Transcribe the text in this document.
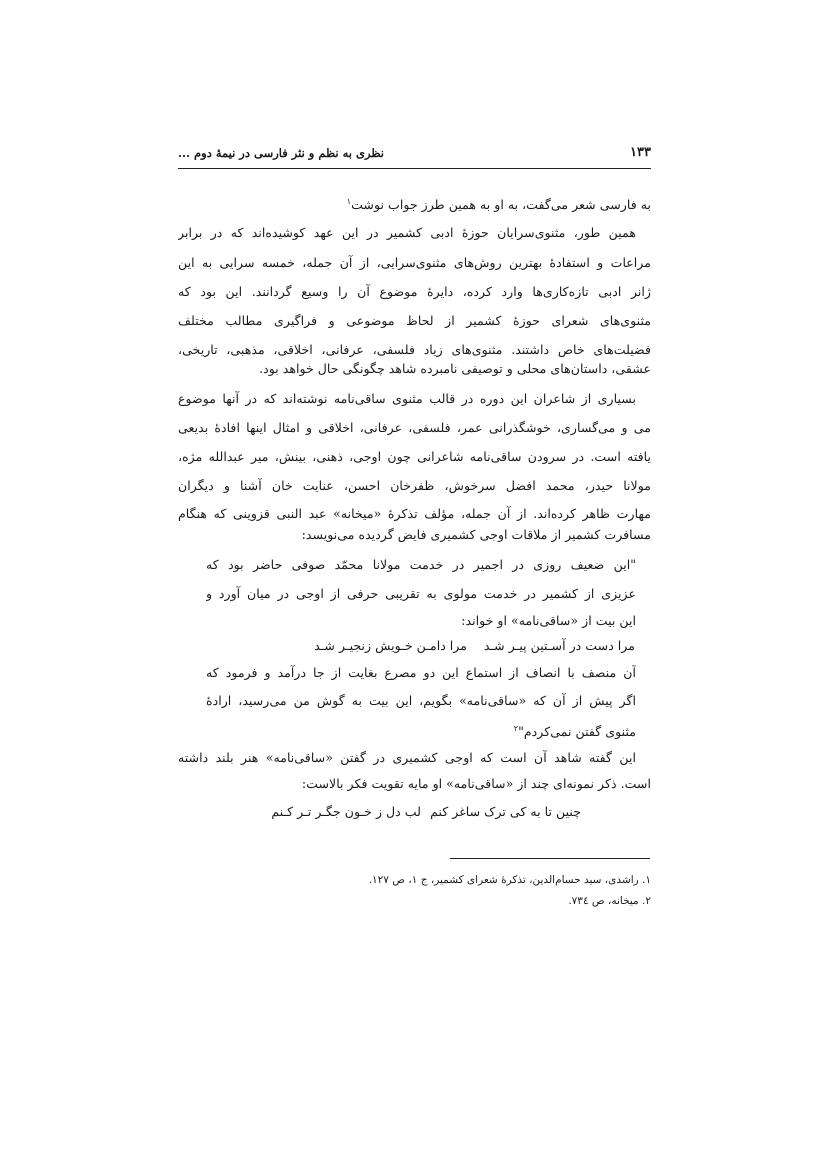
۱۳۳
نظری به نظم و نثر فارسی در نیمهٔ دوم ...
به فارسی شعر می‌گفت، به او به همین طرز جواب نوشت$^۱$
همین طور، مثنوی‌سرایان حوزهٔ ادبی کشمیر در این عهد کوشیده‌اند که در برابر
مراعات و استفادهٔ بهترین روش‌های مثنوی‌سرایی، از آن جمله، خمسه سرایی به این
ژانر ادبی تازه‌کاری‌ها وارد کرده، دایرهٔ موضوع آن را وسیع گردانند. این بود که
مثنوی‌های شعرای حوزهٔ کشمیر از لحاظ موضوعی و فراگیری مطالب مختلف
فضیلت‌های خاص داشتند. مثنوی‌های زیاد فلسفی، عرفانی، اخلاقی، مذهبی، تاریخی،
عشقی، داستان‌های محلی و توصیفی نامبرده شاهد چگونگی حال خواهد بود.
بسیاری از شاعران این دوره در قالب مثنوی ساقی‌نامه نوشته‌اند که در آنها موضوع
می و می‌گساری، خوشگذرانی عمر، فلسفی، عرفانی، اخلاقی و امثال اینها افادهٔ بدیعی
یافته است. در سرودن ساقی‌نامه شاعرانی چون اوجی، ذهنی، بینش، میر عبدالله مژه،
مولانا حیدر، محمد افضل سرخوش، ظفرخان احسن، عنایت خان آشنا و دیگران
مهارت ظاهر کرده‌اند. از آن جمله، مؤلف تذکرهٔ «میخانه» عبد النبی قزوینی که هنگام
مسافرت کشمیر از ملاقات اوجی کشمیری فایض گردیده می‌نویسد:
"این ضعیف روزی در اجمیر در خدمت مولانا محمّد صوفی حاضر بود که
عزیزی از کشمیر در خدمت مولوی به تقریبی حرفی از اوجی در میان آورد و
این بیت از «ساقی‌نامه» او خواند:
مرا دامـن خـویش زنجیـر شـد مرا دست در آسـتین پیـر شـد
آن منصف با انصاف از استماع این دو مصرع بغایت از جا درآمد و فرمود که
اگر پیش از آن که «ساقی‌نامه» بگویم، این بیت به گوش من می‌رسید، ارادهٔ
مثنوی گفتن نمی‌کردم"$^۲$
این گفته شاهد آن است که اوجی کشمیری در گفتن «ساقی‌نامه» هنر بلند داشته
است. ذکر نمونه‌ای چند از «ساقی‌نامه» او مایه تقویت فکر بالاست:
چنین تا به کی ترک ساغر کنم
لب دل ز خـون جگـر تـر کـنم
۱. راشدی، سید حسام‌الدین، تذکرهٔ شعرای کشمیر، ج ۱، ص ۱۲۷.
۲. میخانه، ص ۷۳٤.
